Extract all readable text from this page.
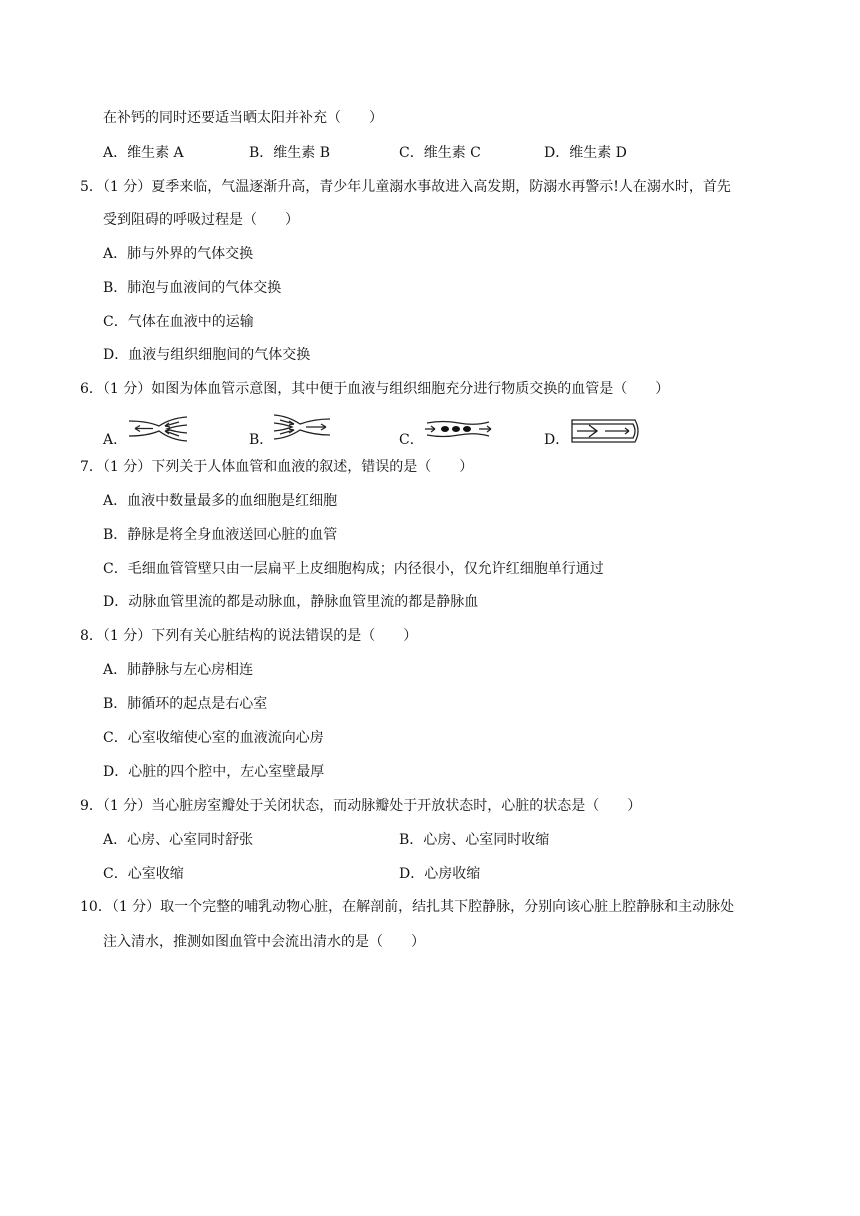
在补钙的同时还要适当晒太阳并补充（　　）
A．维生素 A	B．维生素 B	C．维生素 C	D．维生素 D
5．（1 分）夏季来临，气温逐渐升高，青少年儿童溺水事故进入高发期，防溺水再警示!人在溺水时，首先
受到阻碍的呼吸过程是（　　）
A．肺与外界的气体交换
B．肺泡与血液间的气体交换
C．气体在血液中的运输
D．血液与组织细胞间的气体交换
6．（1 分）如图为体血管示意图，其中便于血液与组织细胞充分进行物质交换的血管是（　　）
A．	B．	C．	D．
7．（1 分）下列关于人体血管和血液的叙述，错误的是（　　）
A．血液中数量最多的血细胞是红细胞
B．静脉是将全身血液送回心脏的血管
C．毛细血管管壁只由一层扁平上皮细胞构成；内径很小，仅允许红细胞单行通过
D．动脉血管里流的都是动脉血，静脉血管里流的都是静脉血
8．（1 分）下列有关心脏结构的说法错误的是（　　）
A．肺静脉与左心房相连
B．肺循环的起点是右心室
C．心室收缩使心室的血液流向心房
D．心脏的四个腔中，左心室壁最厚
9．（1 分）当心脏房室瓣处于关闭状态，而动脉瓣处于开放状态时，心脏的状态是（　　）
A．心房、心室同时舒张	B．心房、心室同时收缩
C．心室收缩	D．心房收缩
10．（1 分）取一个完整的哺乳动物心脏，在解剖前，结扎其下腔静脉，分别向该心脏上腔静脉和主动脉处
注入清水，推测如图血管中会流出清水的是（　　）
